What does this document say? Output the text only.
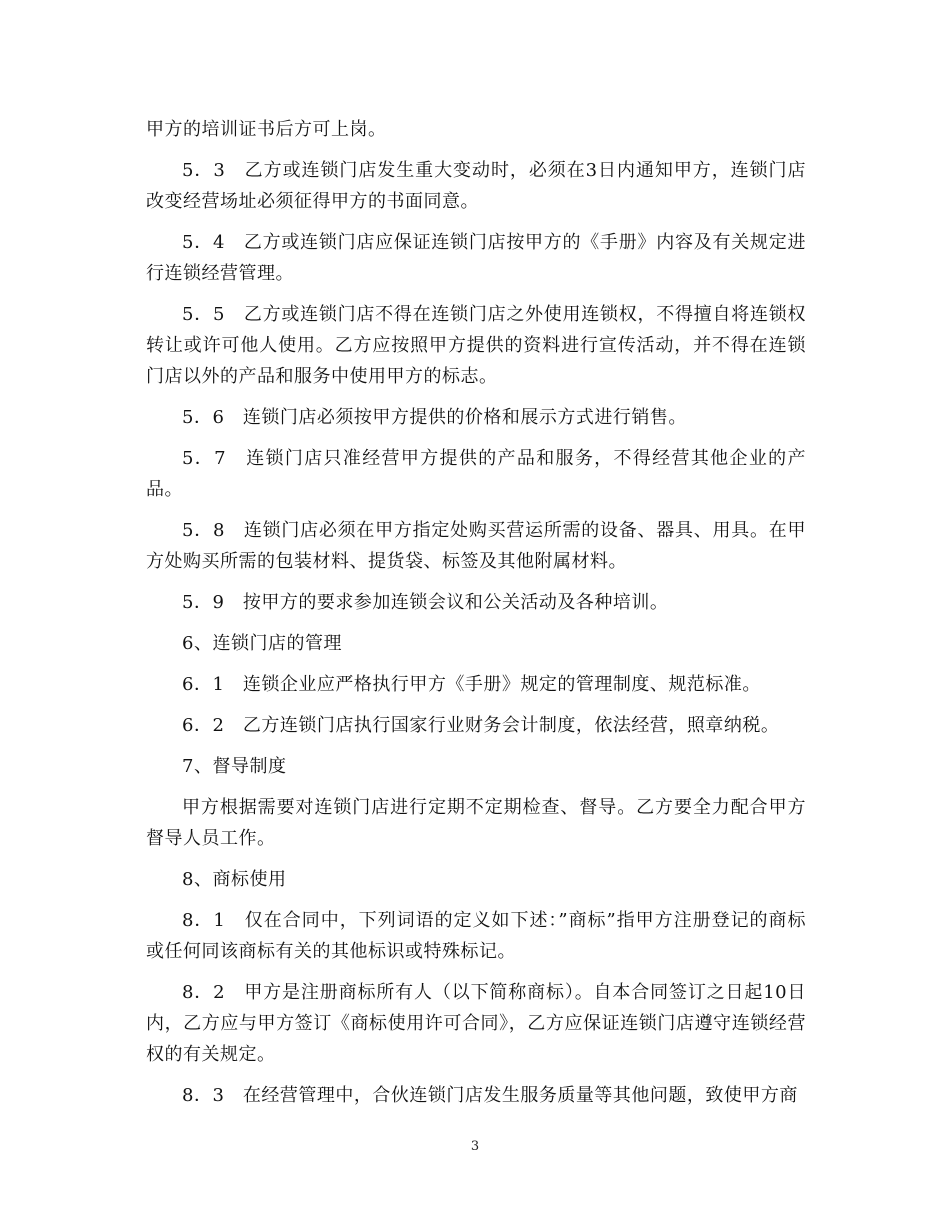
甲方的培训证书后方可上岗。

5．3　乙方或连锁门店发生重大变动时，必须在3日内通知甲方，连锁门店改变经营场址必须征得甲方的书面同意。

5．4　乙方或连锁门店应保证连锁门店按甲方的《手册》内容及有关规定进行连锁经营管理。

5．5　乙方或连锁门店不得在连锁门店之外使用连锁权，不得擅自将连锁权转让或许可他人使用。乙方应按照甲方提供的资料进行宣传活动，并不得在连锁门店以外的产品和服务中使用甲方的标志。

5．6　连锁门店必须按甲方提供的价格和展示方式进行销售。

5．7　连锁门店只准经营甲方提供的产品和服务，不得经营其他企业的产品。

5．8　连锁门店必须在甲方指定处购买营运所需的设备、器具、用具。在甲方处购买所需的包装材料、提货袋、标签及其他附属材料。

5．9　按甲方的要求参加连锁会议和公关活动及各种培训。

6、连锁门店的管理

6．1　连锁企业应严格执行甲方《手册》规定的管理制度、规范标准。

6．2　乙方连锁门店执行国家行业财务会计制度，依法经营，照章纳税。

7、督导制度

甲方根据需要对连锁门店进行定期不定期检查、督导。乙方要全力配合甲方督导人员工作。

8、商标使用

8．1　仅在合同中，下列词语的定义如下述：”商标”指甲方注册登记的商标或任何同该商标有关的其他标识或特殊标记。

8．2　甲方是注册商标所有人（以下简称商标）。自本合同签订之日起10日内，乙方应与甲方签订《商标使用许可合同》，乙方应保证连锁门店遵守连锁经营权的有关规定。

8．3　在经营管理中，合伙连锁门店发生服务质量等其他问题，致使甲方商

3
